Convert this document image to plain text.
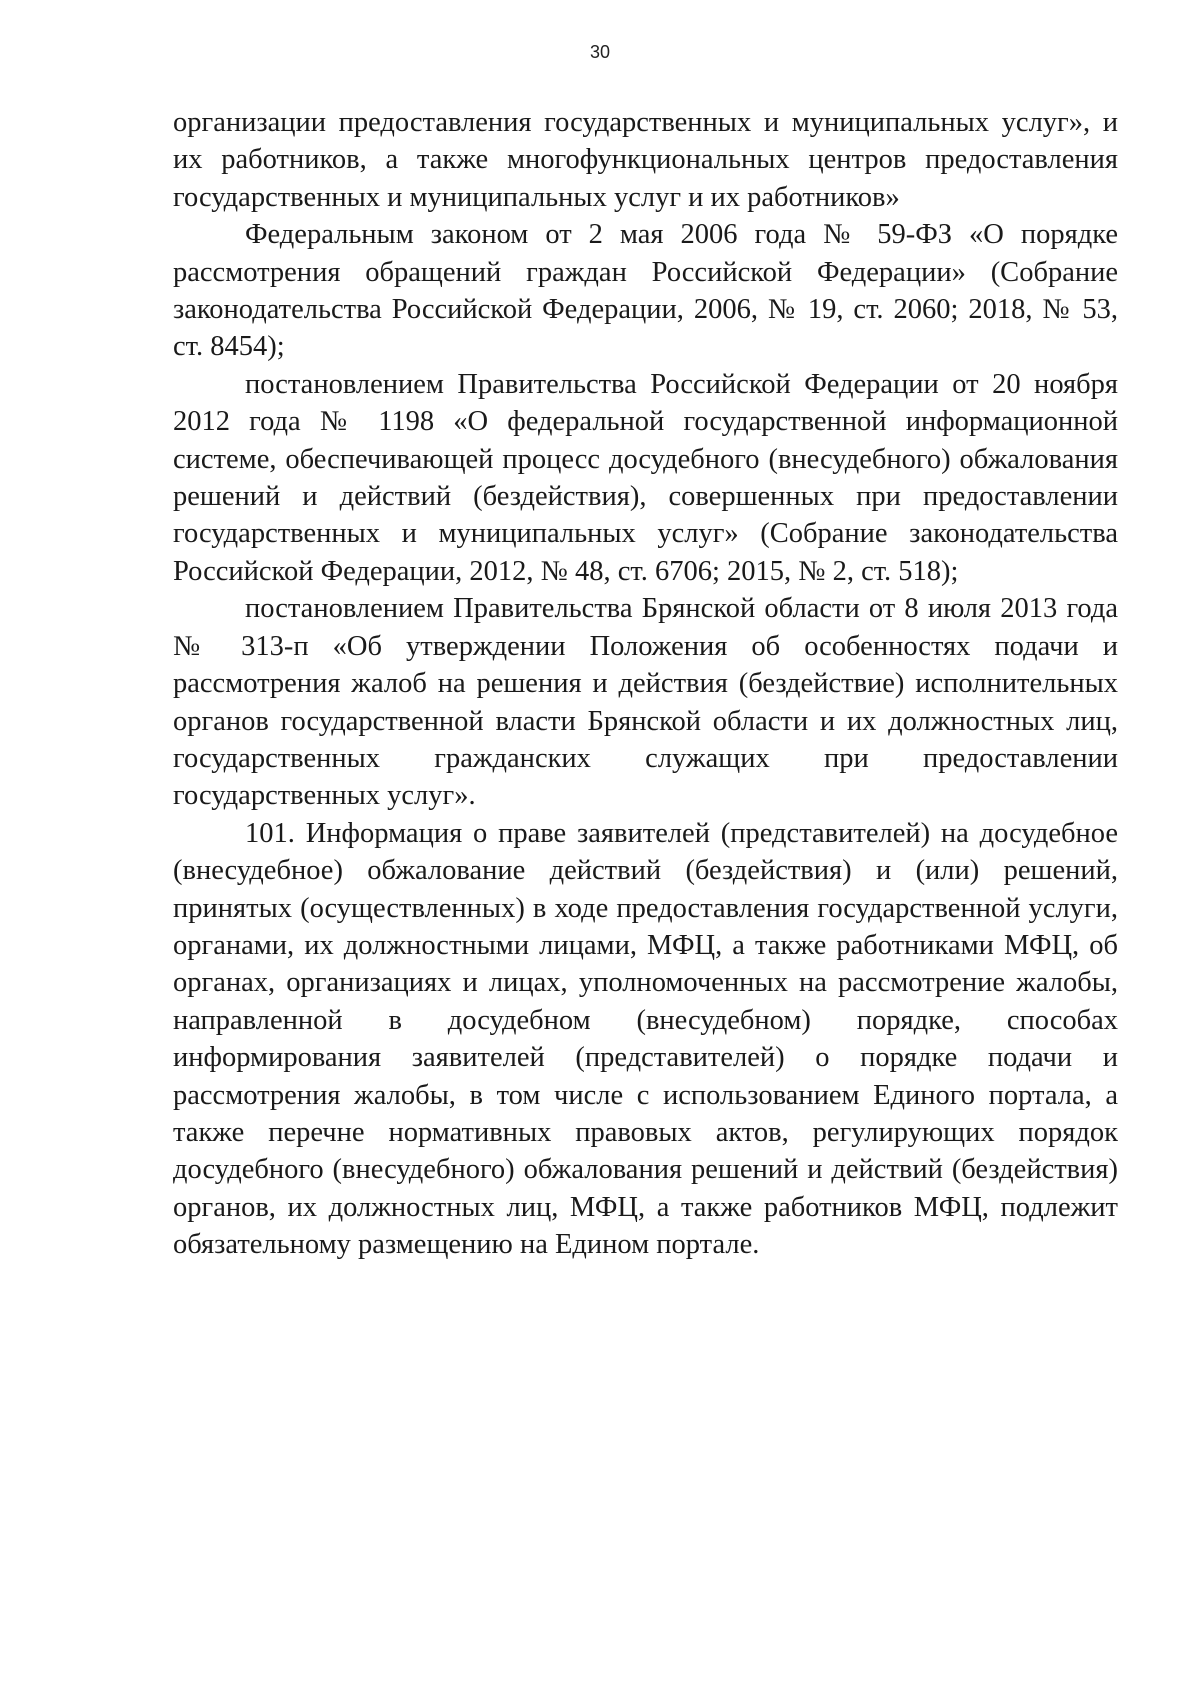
30

организации предоставления государственных и муниципальных услуг», и их работников, а также многофункциональных центров предоставления государственных и муниципальных услуг и их работников»

Федеральным законом от 2 мая 2006 года № 59-ФЗ «О порядке рассмотрения обращений граждан Российской Федерации» (Собрание законодательства Российской Федерации, 2006, № 19, ст. 2060; 2018, № 53, ст. 8454);

постановлением Правительства Российской Федерации от 20 ноября 2012 года № 1198 «О федеральной государственной информационной системе, обеспечивающей процесс досудебного (внесудебного) обжалования решений и действий (бездействия), совершенных при предоставлении государственных и муниципальных услуг» (Собрание законодательства Российской Федерации, 2012, № 48, ст. 6706; 2015, № 2, ст. 518);

постановлением Правительства Брянской области от 8 июля 2013 года № 313-п «Об утверждении Положения об особенностях подачи и рассмотрения жалоб на решения и действия (бездействие) исполнительных органов государственной власти Брянской области и их должностных лиц, государственных гражданских служащих при предоставлении государственных услуг».

101. Информация о праве заявителей (представителей) на досудебное (внесудебное) обжалование действий (бездействия) и (или) решений, принятых (осуществленных) в ходе предоставления государственной услуги, органами, их должностными лицами, МФЦ, а также работниками МФЦ, об органах, организациях и лицах, уполномоченных на рассмотрение жалобы, направленной в досудебном (внесудебном) порядке, способах информирования заявителей (представителей) о порядке подачи и рассмотрения жалобы, в том числе с использованием Единого портала, а также перечне нормативных правовых актов, регулирующих порядок досудебного (внесудебного) обжалования решений и действий (бездействия) органов, их должностных лиц, МФЦ, а также работников МФЦ, подлежит обязательному размещению на Едином портале.
